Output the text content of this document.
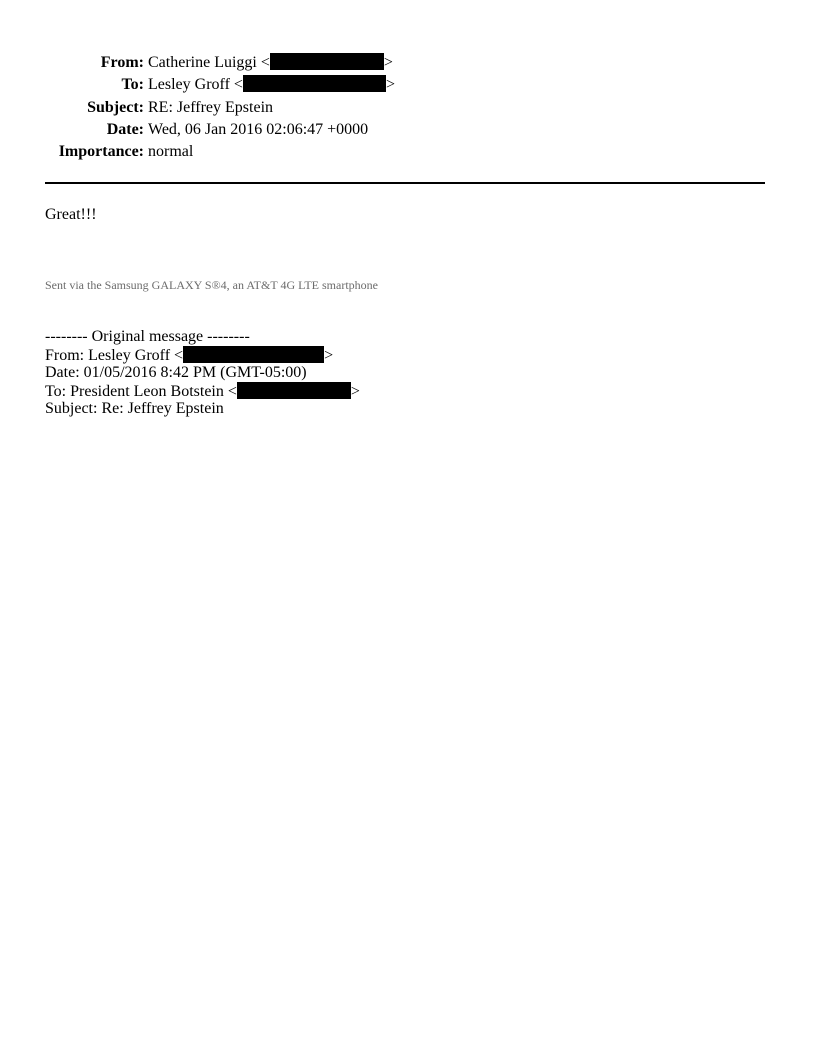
From: Catherine Luiggi <	>
To: Lesley Groff <	>
Subject: RE: Jeffrey Epstein
Date: Wed, 06 Jan 2016 02:06:47 +0000
Importance: normal
Great!!!
Sent via the Samsung GALAXY S®4, an AT&T 4G LTE smartphone
-------- Original message --------
From: Lesley Groff <	>
Date: 01/05/2016 8:42 PM (GMT-05:00)
To: President Leon Botstein <	>
Subject: Re: Jeffrey Epstein
